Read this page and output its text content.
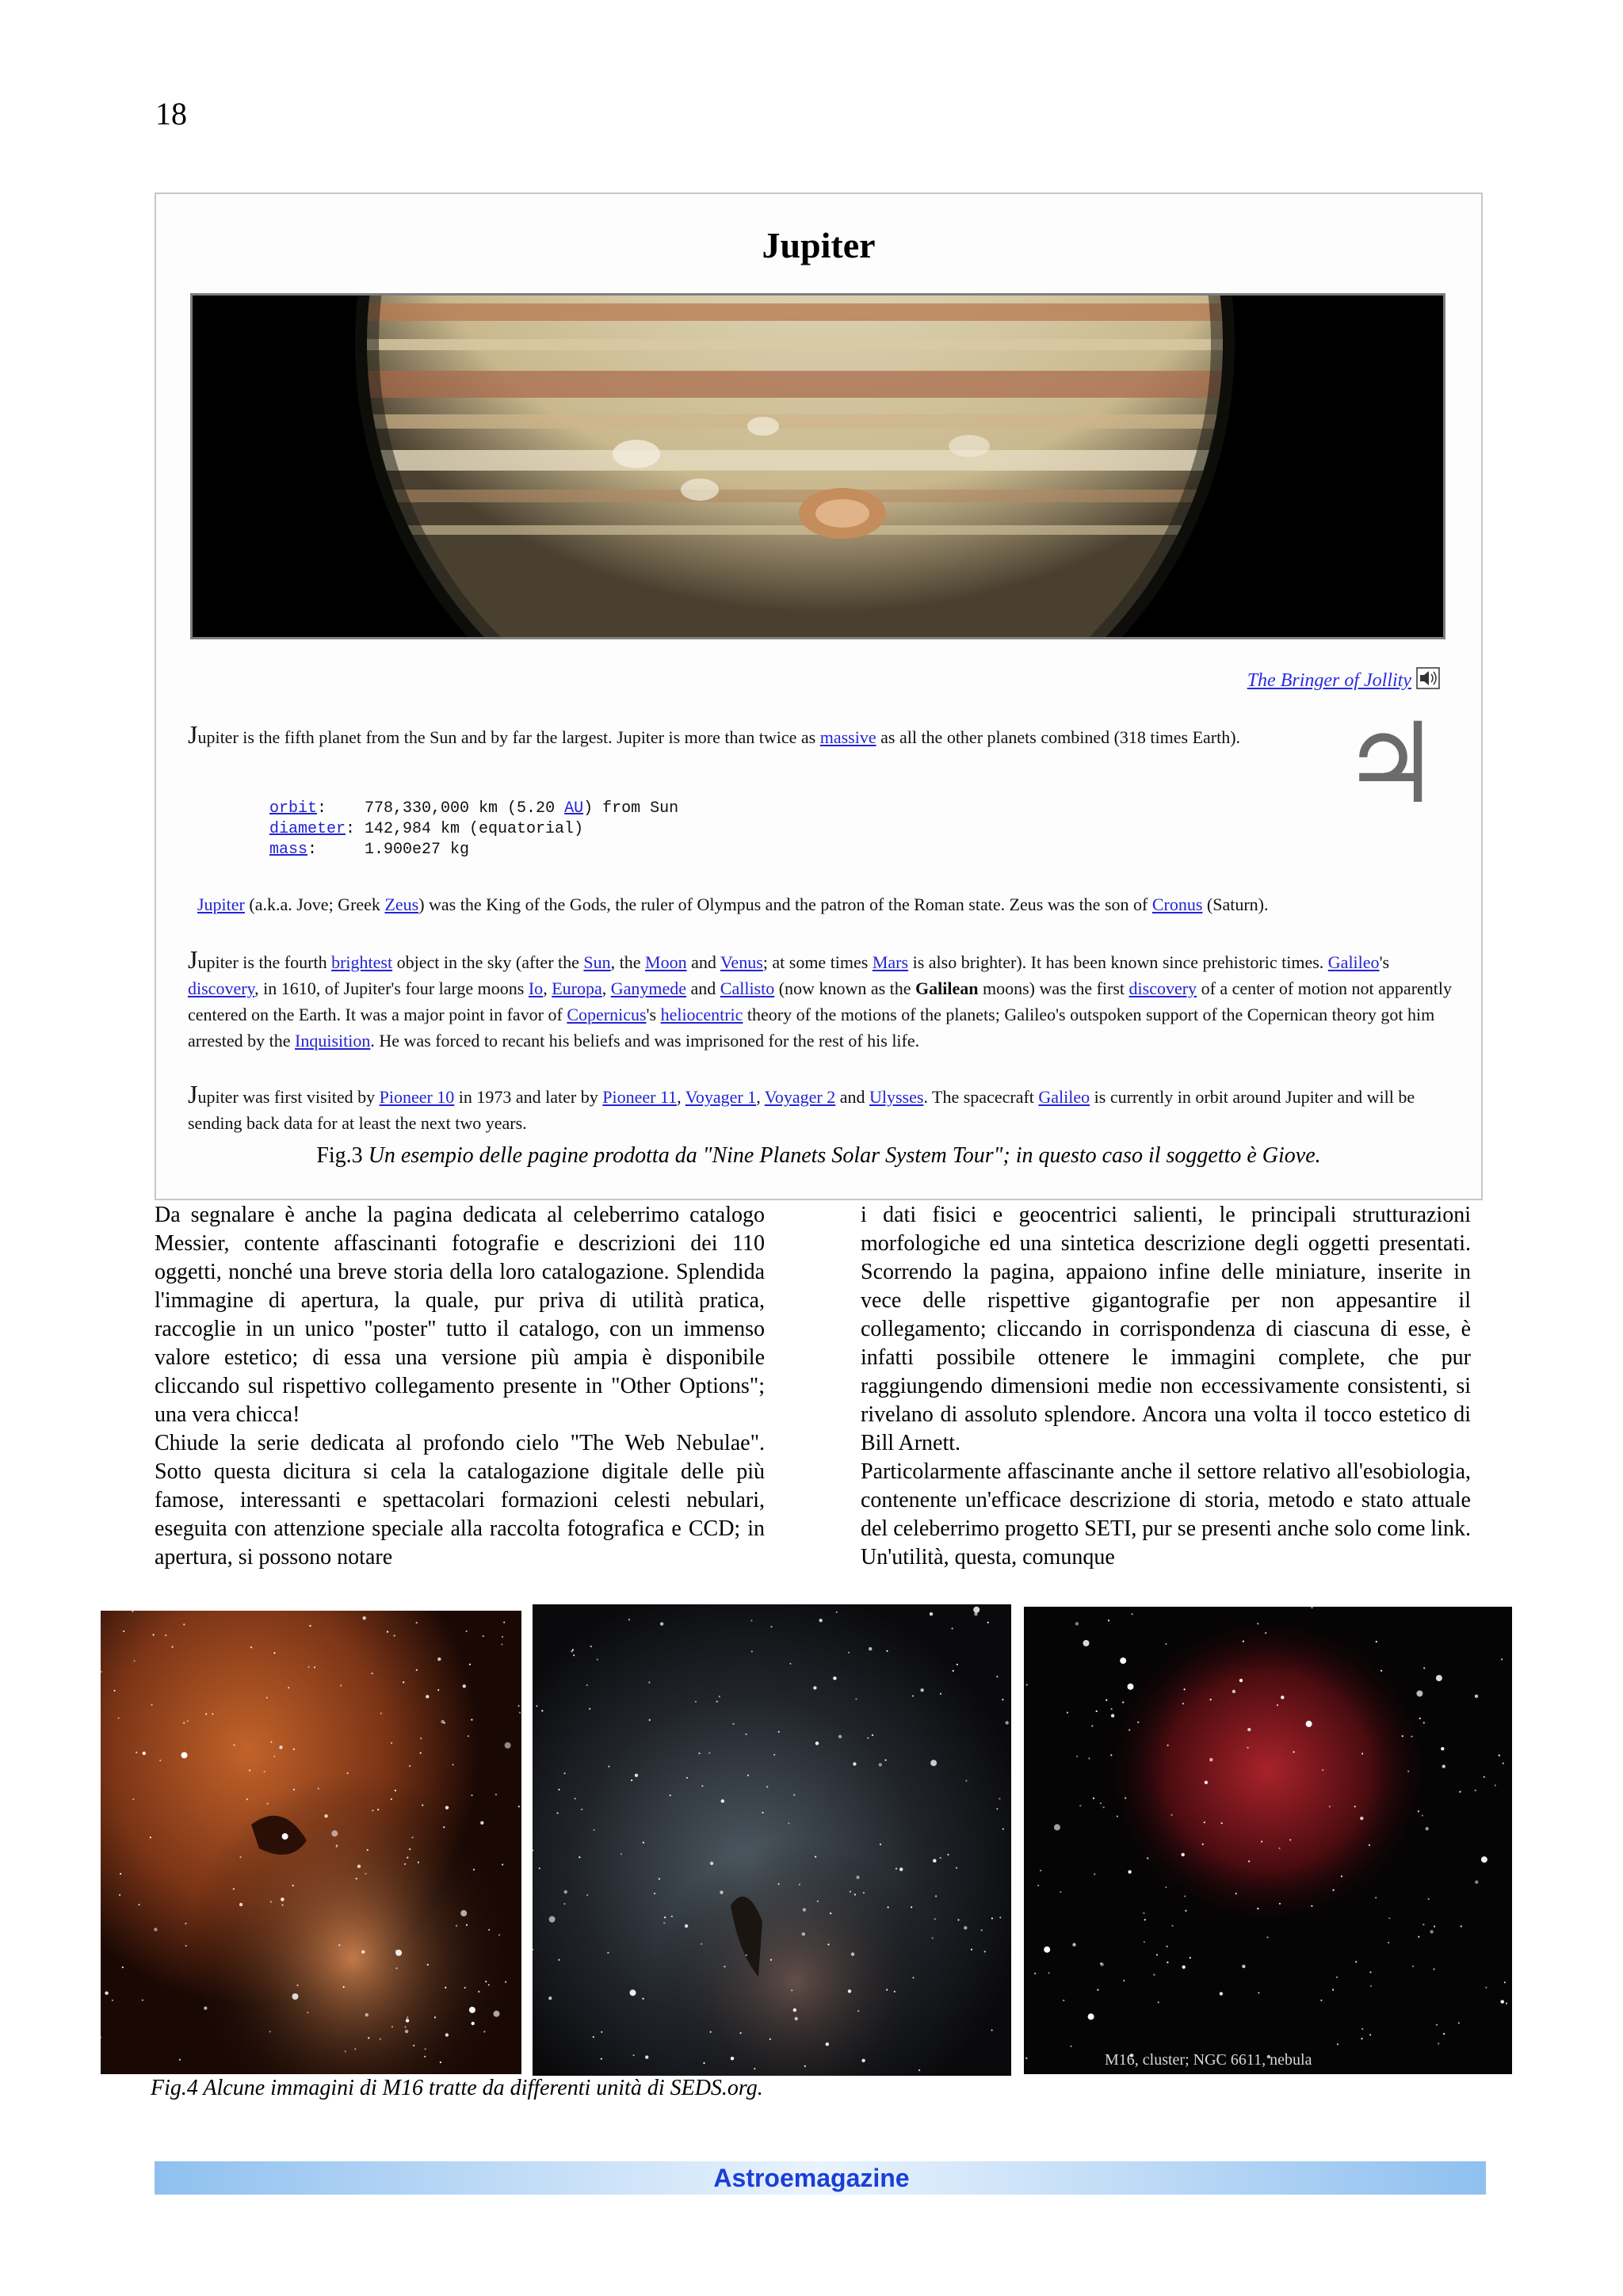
18
Jupiter
The Bringer of Jollity
♃
Jupiter is the fifth planet from the Sun and by far the largest. Jupiter is more than twice as massive as all the other planets combined (318 times Earth).
orbit:    778,330,000 km (5.20 AU) from Sun
diameter: 142,984 km (equatorial)
mass:     1.900e27 kg
Jupiter (a.k.a. Jove; Greek Zeus) was the King of the Gods, the ruler of Olympus and the patron of the Roman state. Zeus was the son of Cronus (Saturn).
Jupiter is the fourth brightest object in the sky (after the Sun, the Moon and Venus; at some times Mars is also brighter). It has been known since prehistoric times. Galileo's discovery, in 1610, of Jupiter's four large moons Io, Europa, Ganymede and Callisto (now known as the Galilean moons) was the first discovery of a center of motion not apparently centered on the Earth. It was a major point in favor of Copernicus's heliocentric theory of the motions of the planets; Galileo's outspoken support of the Copernican theory got him arrested by the Inquisition. He was forced to recant his beliefs and was imprisoned for the rest of his life.
Jupiter was first visited by Pioneer 10 in 1973 and later by Pioneer 11, Voyager 1, Voyager 2 and Ulysses. The spacecraft Galileo is currently in orbit around Jupiter and will be sending back data for at least the next two years.
Fig.3 Un esempio delle pagine prodotta da "Nine Planets Solar System Tour"; in questo caso il soggetto è Giove.

Da segnalare è anche la pagina dedicata al celeberrimo catalogo Messier, contente affascinanti fotografie e descrizioni dei 110 oggetti, nonché una breve storia della loro catalogazione. Splendida l'immagine di apertura, la quale, pur priva di utilità pratica, raccoglie in un unico "poster" tutto il catalogo, con un immenso valore estetico; di essa una versione più ampia è disponibile cliccando sul rispettivo collegamento presente in "Other Options"; una vera chicca!

Chiude la serie dedicata al profondo cielo "The Web Nebulae". Sotto questa dicitura si cela la catalogazione digitale delle più famose, interessanti e spettacolari formazioni celesti nebulari, eseguita con attenzione speciale alla raccolta fotografica e CCD; in apertura, si possono notare

i dati fisici e geocentrici salienti, le principali strutturazioni morfologiche ed una sintetica descrizione degli oggetti presentati. Scorrendo la pagina, appaiono infine delle miniature, inserite in vece delle rispettive gigantografie per non appesantire il collegamento; cliccando in corrispondenza di ciascuna di esse, è infatti possibile ottenere le immagini complete, che pur raggiungendo dimensioni medie non eccessivamente consistenti, si rivelano di assoluto splendore. Ancora una volta il tocco estetico di Bill Arnett.

Particolarmente affascinante anche il settore relativo all'esobiologia, contenente un'efficace descrizione di storia, metodo e stato attuale del celeberrimo progetto SETI, pur se presenti anche solo come link. Un'utilità, questa, comunque

M16, cluster; NGC 6611, nebula
Fig.4 Alcune immagini di M16 tratte da differenti unità di SEDS.org.
Astroemagazine
